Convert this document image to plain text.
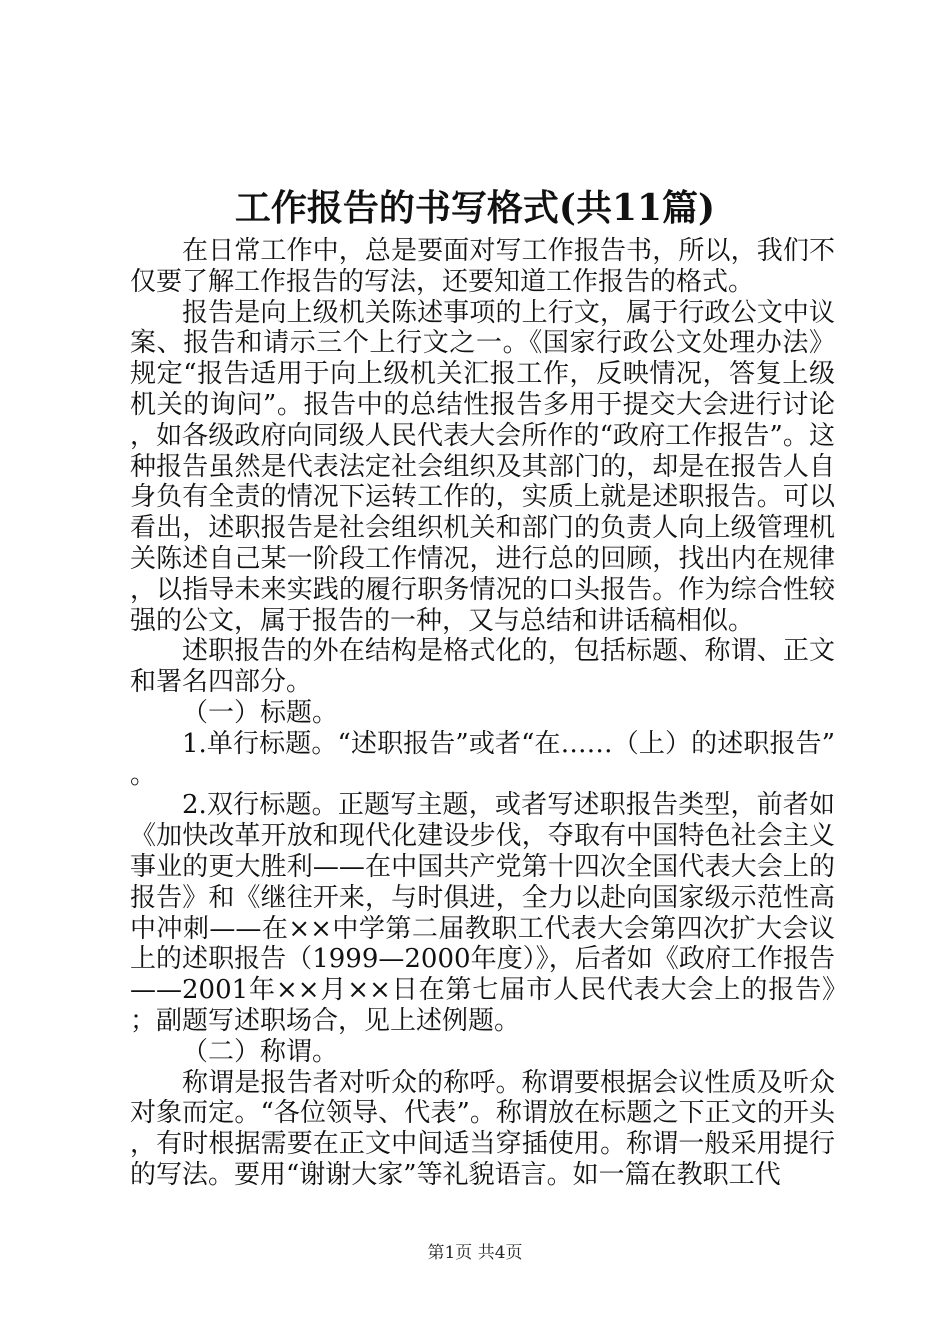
工作报告的书写格式(共11篇)

在日常工作中，总是要面对写工作报告书，所以，我们不仅要了解工作报告的写法，还要知道工作报告的格式。

报告是向上级机关陈述事项的上行文，属于行政公文中议案、报告和请示三个上行文之一。《国家行政公文处理办法》规定“报告适用于向上级机关汇报工作，反映情况，答复上级机关的询问”。报告中的总结性报告多用于提交大会进行讨论，如各级政府向同级人民代表大会所作的“政府工作报告”。这种报告虽然是代表法定社会组织及其部门的，却是在报告人自身负有全责的情况下运转工作的，实质上就是述职报告。可以看出，述职报告是社会组织机关和部门的负责人向上级管理机关陈述自己某一阶段工作情况，进行总的回顾，找出内在规律，以指导未来实践的履行职务情况的口头报告。作为综合性较强的公文，属于报告的一种，又与总结和讲话稿相似。

述职报告的外在结构是格式化的，包括标题、称谓、正文和署名四部分。

（一）标题。

1.单行标题。“述职报告”或者“在……（上）的述职报告”。

2.双行标题。正题写主题，或者写述职报告类型，前者如《加快改革开放和现代化建设步伐，夺取有中国特色社会主义事业的更大胜利——在中国共产党第十四次全国代表大会上的报告》和《继往开来，与时俱进，全力以赴向国家级示范性高中冲刺——在××中学第二届教职工代表大会第四次扩大会议上的述职报告（1999—2000年度）》，后者如《政府工作报告——2001年××月××日在第七届市人民代表大会上的报告》；副题写述职场合，见上述例题。

（二）称谓。

称谓是报告者对听众的称呼。称谓要根据会议性质及听众对象而定。“各位领导、代表”。称谓放在标题之下正文的开头，有时根据需要在正文中间适当穿插使用。称谓一般采用提行的写法。要用“谢谢大家”等礼貌语言。如一篇在教职工代

第1页 共4页
